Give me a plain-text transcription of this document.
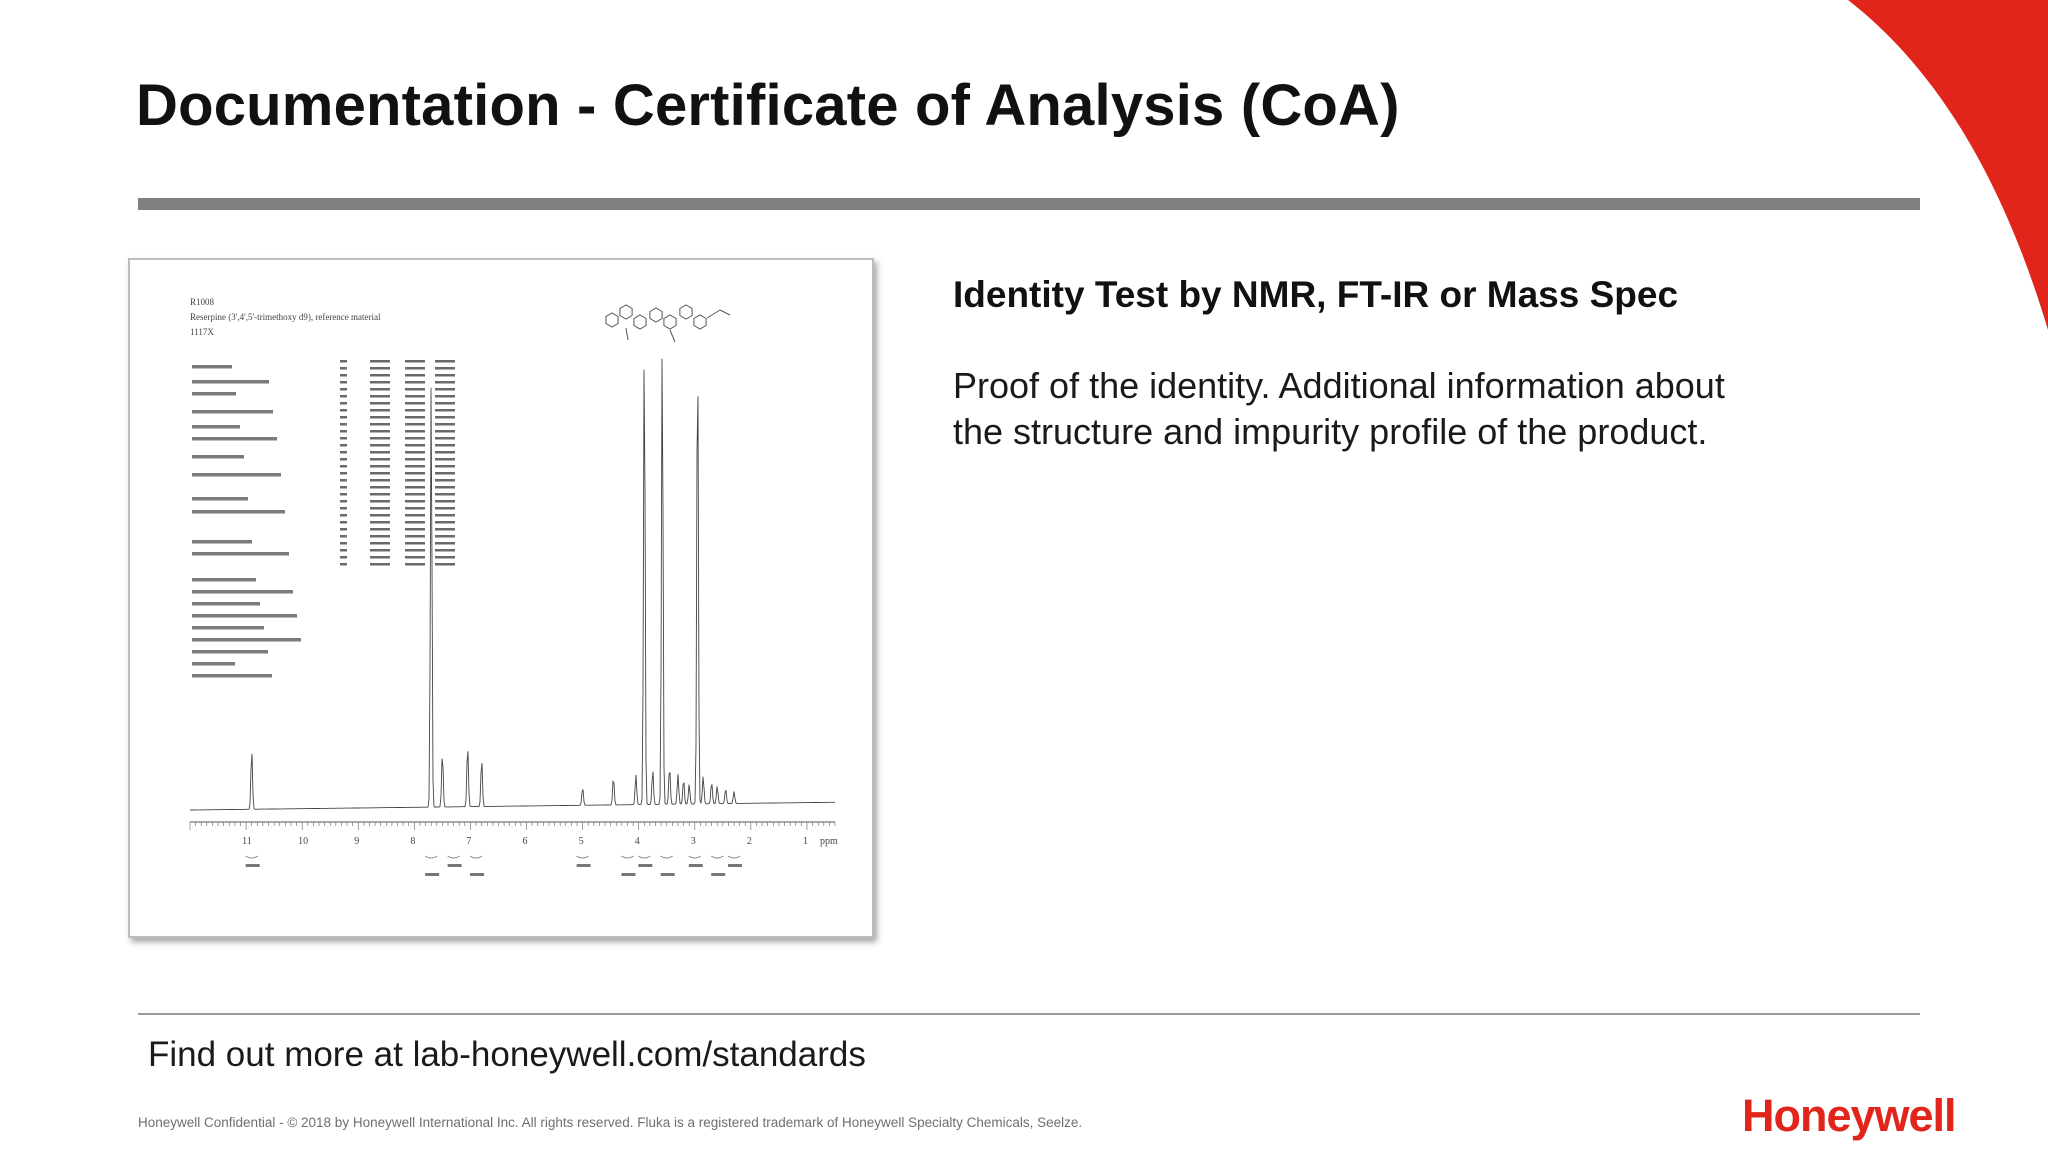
Documentation - Certificate of Analysis (CoA)
R1008
Reserpine (3',4',5'-trimethoxy d9), reference material
1117X
11	10	9	8	7	6	5	4	3	2	1 ppm
Identity Test by NMR, FT-IR or Mass Spec

Proof of the identity. Additional information about the structure and impurity profile of the product.

Find out more at lab-honeywell.com/standards
Honeywell Confidential - © 2018 by Honeywell International Inc. All rights reserved. Fluka is a registered trademark of Honeywell Specialty Chemicals, Seelze.	Honeywell
